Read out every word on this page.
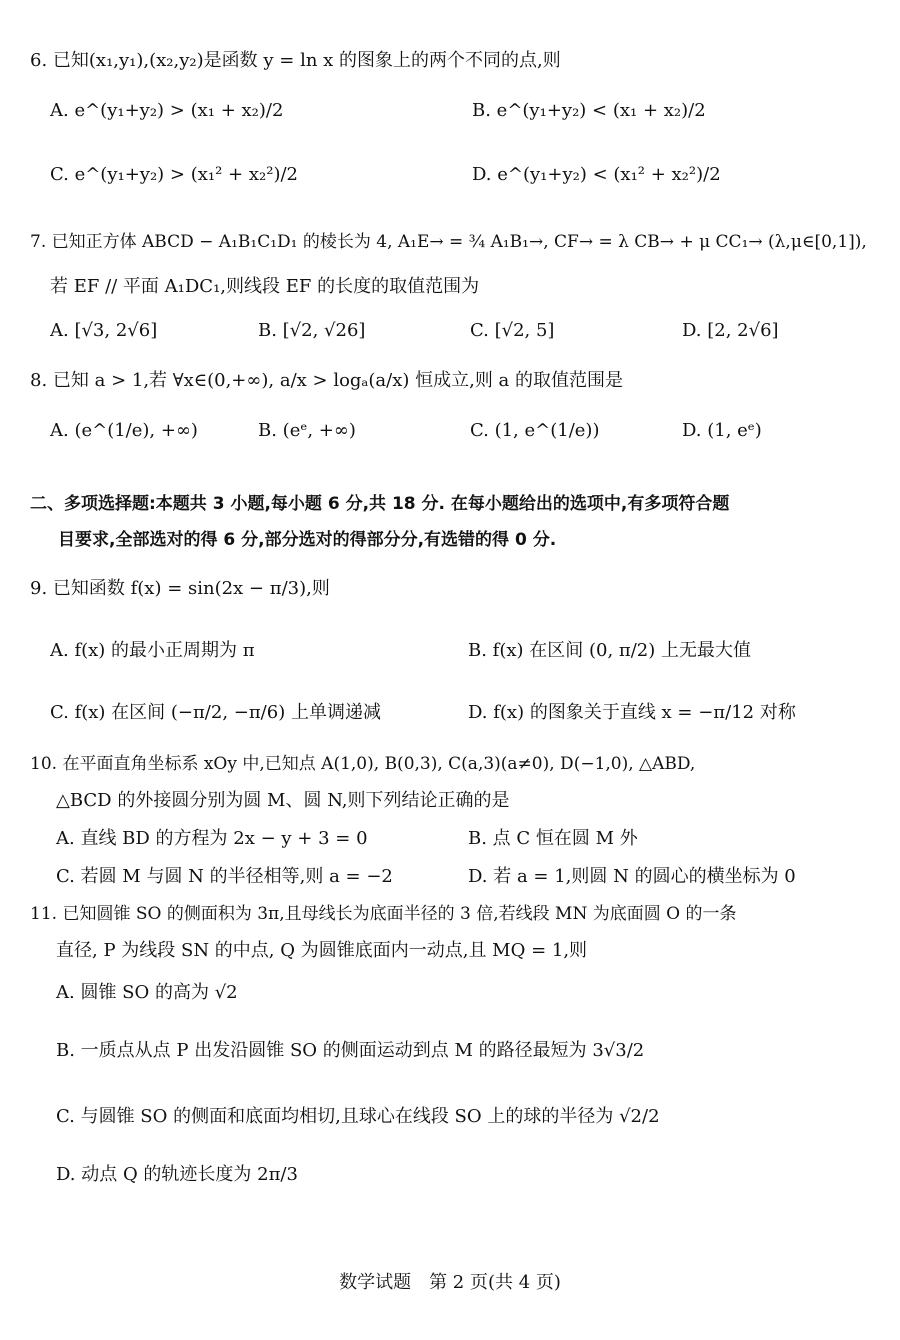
6. 已知(x₁,y₁),(x₂,y₂)是函数 y = ln x 的图象上的两个不同的点,则
A. e^(y₁+y₂) > (x₁ + x₂)/2	B. e^(y₁+y₂) < (x₁ + x₂)/2
C. e^(y₁+y₂) > (x₁² + x₂²)/2	D. e^(y₁+y₂) < (x₁² + x₂²)/2
7. 已知正方体 ABCD − A₁B₁C₁D₁ 的棱长为 4, A₁E→ = ¾ A₁B₁→, CF→ = λ CB→ + μ CC₁→ (λ,μ∈[0,1]),
若 EF // 平面 A₁DC₁,则线段 EF 的长度的取值范围为
A. [√3, 2√6]	B. [√2, √26]	C. [√2, 5]	D. [2, 2√6]
8. 已知 a > 1,若 ∀x∈(0,+∞), a/x > logₐ(a/x) 恒成立,则 a 的取值范围是
A. (e^(1/e), +∞)	B. (eᵉ, +∞)	C. (1, e^(1/e))	D. (1, eᵉ)
二、多项选择题:本题共 3 小题,每小题 6 分,共 18 分. 在每小题给出的选项中,有多项符合题
目要求,全部选对的得 6 分,部分选对的得部分分,有选错的得 0 分.
9. 已知函数 f(x) = sin(2x − π/3),则
A. f(x) 的最小正周期为 π	B. f(x) 在区间 (0, π/2) 上无最大值
C. f(x) 在区间 (−π/2, −π/6) 上单调递减	D. f(x) 的图象关于直线 x = −π/12 对称
10. 在平面直角坐标系 xOy 中,已知点 A(1,0), B(0,3), C(a,3)(a≠0), D(−1,0), △ABD,
△BCD 的外接圆分别为圆 M、圆 N,则下列结论正确的是
A. 直线 BD 的方程为 2x − y + 3 = 0	B. 点 C 恒在圆 M 外
C. 若圆 M 与圆 N 的半径相等,则 a = −2	D. 若 a = 1,则圆 N 的圆心的横坐标为 0
11. 已知圆锥 SO 的侧面积为 3π,且母线长为底面半径的 3 倍,若线段 MN 为底面圆 O 的一条
直径, P 为线段 SN 的中点, Q 为圆锥底面内一动点,且 MQ = 1,则
A. 圆锥 SO 的高为 √2
B. 一质点从点 P 出发沿圆锥 SO 的侧面运动到点 M 的路径最短为 3√3/2
C. 与圆锥 SO 的侧面和底面均相切,且球心在线段 SO 上的球的半径为 √2/2
D. 动点 Q 的轨迹长度为 2π/3
数学试题　第 2 页(共 4 页)
